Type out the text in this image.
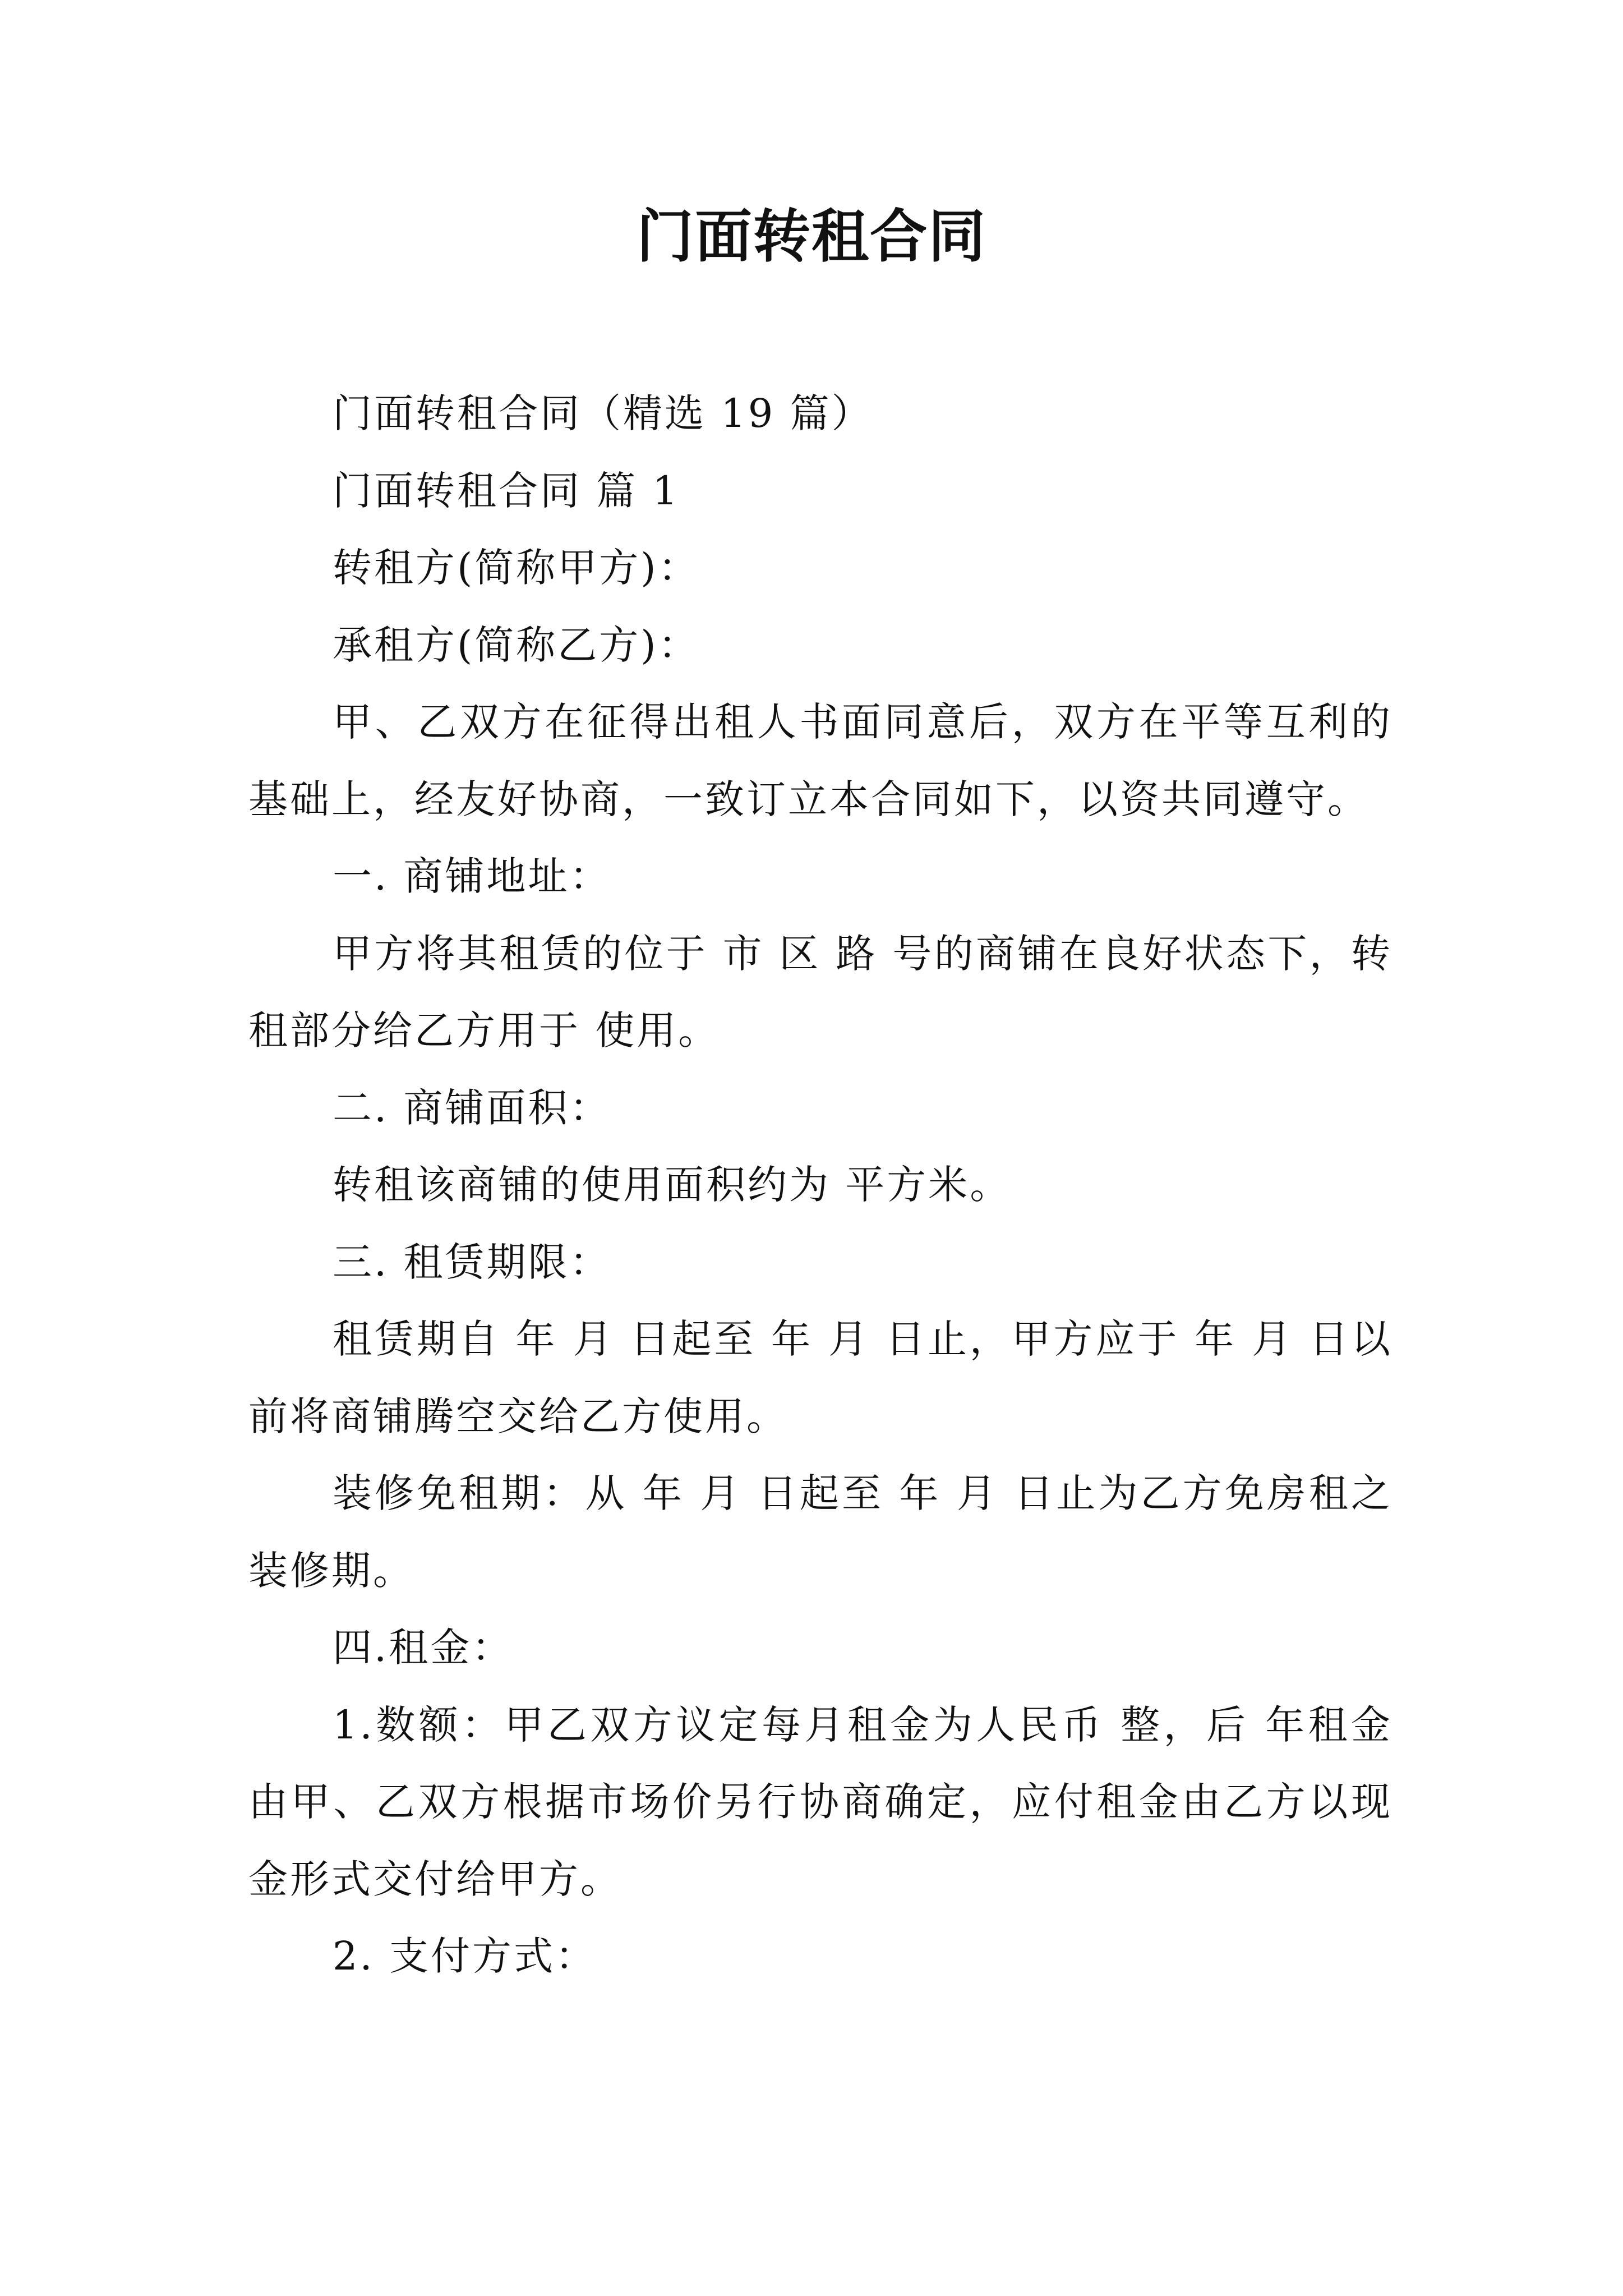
门面转租合同

门面转租合同（精选 19 篇）

门面转租合同 篇 1

转租方(简称甲方)：

承租方(简称乙方)：

甲、乙双方在征得出租人书面同意后，双方在平等互利的基础上，经友好协商，一致订立本合同如下，以资共同遵守。

一. 商铺地址：

甲方将其租赁的位于 市 区 路 号的商铺在良好状态下，转租部分给乙方用于 使用。

二. 商铺面积：

转租该商铺的使用面积约为 平方米。

三. 租赁期限：

租赁期自 年 月 日起至 年 月 日止，甲方应于 年 月 日以前将商铺腾空交给乙方使用。

装修免租期：从 年 月 日起至 年 月 日止为乙方免房租之装修期。

四.租金：

1.数额：甲乙双方议定每月租金为人民币 整，后 年租金由甲、乙双方根据市场价另行协商确定，应付租金由乙方以现金形式交付给甲方。

2. 支付方式：
